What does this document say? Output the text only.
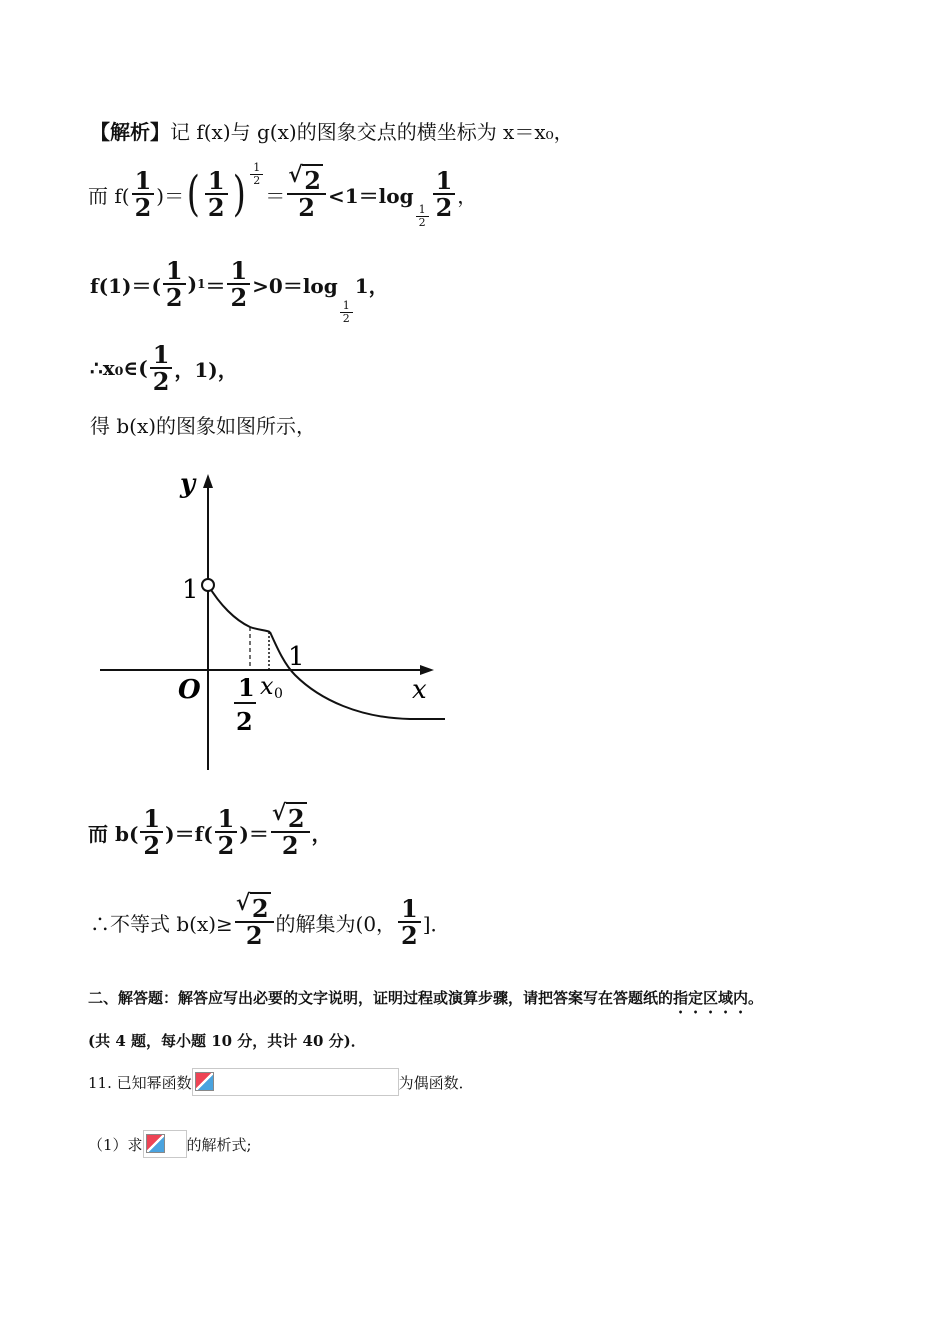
【解析】记 f(x)与 g(x)的图象交点的横坐标为 x＝x₀，
而 $f( \frac{1}{2}$ )＝ ( $\frac{1}{2}$ ) $\frac{1}{2}$
＝ √ $\frac{2}{2} <1=\log$
$\frac{1}{2} \frac{1}{2}$ ，
$f(1)=( \frac{1}{2}$ ) $1 = \frac{1}{2} >0=\log$
$\frac{1}{2}$
1，
∴x₀∈( $\frac{1}{2}$ ，1)，
得 b(x)的图象如图所示，
y
1
O	x
1
1
2
x 0
而 $b( \frac{1}{2} )=f( \frac{1}{2}$ )＝ √ $\frac{2}{2}$ ，
∴不等式 b(x)≥ √ $\frac{2}{2}$ 的解集为(0， $\frac{1}{2}$ ]．
二、解答题：解答应写出必要的文字说明，证明过程或演算步骤，请把答案写在答题纸的指定区域内。
(共 4 题，每小题 10 分，共计 40 分)．
11. 已知幂函数	为偶函数．
（1）求	的解析式;
